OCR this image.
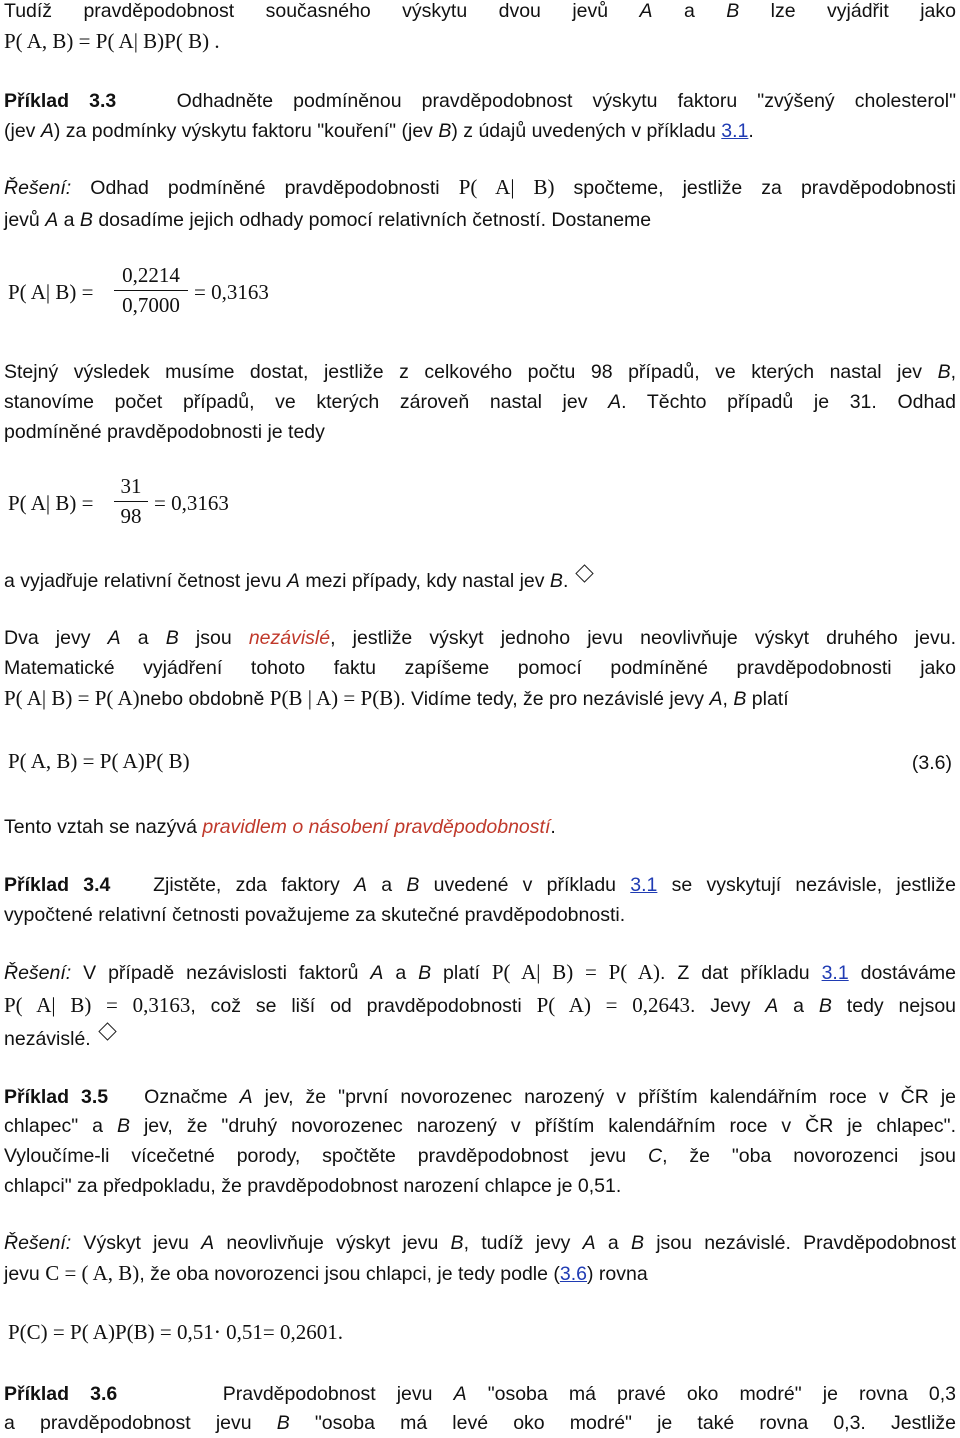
Tudíž pravděpodobnost současného výskytu dvou jevů A a B lze vyjádřit jako
P( A, B) = P( A| B)P( B) .
Příklad 3.3	Odhadněte podmíněnou pravděpodobnost výskytu faktoru "zvýšený cholesterol"
(jev A) za podmínky výskytu faktoru "kouření" (jev B) z údajů uvedených v příkladu 3.1.
Řešení: Odhad podmíněné pravděpodobnosti P( A| B) spočteme, jestliže za pravděpodobnosti
jevů A a B dosadíme jejich odhady pomocí relativních četností. Dostaneme
P( A| B) =
0,2214
0,7000
= 0,3163
Stejný výsledek musíme dostat, jestliže z celkového počtu 98 případů, ve kterých nastal jev B,
stanovíme počet případů, ve kterých zároveň nastal jev A. Těchto případů je 31. Odhad
podmíněné pravděpodobnosti je tedy
P( A| B) =
31
98
= 0,3163
a vyjadřuje relativní četnost jevu A mezi případy, kdy nastal jev B.
Dva jevy A a B jsou nezávislé, jestliže výskyt jednoho jevu neovlivňuje výskyt druhého jevu.
Matematické vyjádření tohoto faktu zapíšeme pomocí podmíněné pravděpodobnosti jako
P( A| B) = P( A)nebo obdobně P(B | A) = P(B). Vidíme tedy, že pro nezávislé jevy A, B platí
P( A, B) = P( A)P( B)	(3.6)
Tento vztah se nazývá pravidlem o násobení pravděpodobností.
Příklad 3.4   Zjistěte, zda faktory A a B uvedené v příkladu 3.1 se vyskytují nezávisle, jestliže
vypočtené relativní četnosti považujeme za skutečné pravděpodobnosti.
Řešení: V případě nezávislosti faktorů A a B platí P( A| B) = P( A). Z dat příkladu 3.1 dostáváme
P( A| B) = 0,3163, což se liší od pravděpodobnosti P( A) = 0,2643. Jevy A a B tedy nejsou
nezávislé.
Příklad 3.5   Označme A jev, že "první novorozenec narozený v příštím kalendářním roce v ČR je
chlapec" a B jev, že "druhý novorozenec narozený v příštím kalendářním roce v ČR je chlapec".
Vyloučíme-li vícečetné porody, spočtěte pravděpodobnost jevu C, že "oba novorozenci jsou
chlapci" za předpokladu, že pravděpodobnost narození chlapce je 0,51.
Řešení: Výskyt jevu A neovlivňuje výskyt jevu B, tudíž jevy A a B jsou nezávislé. Pravděpodobnost
jevu C = ( A, B), že oba novorozenci jsou chlapci, je tedy podle (3.6) rovna
P(C) = P( A)P(B) = 0,51⋅ 0,51= 0,2601.
Příklad 3.6	Pravděpodobnost jevu A "osoba má pravé oko modré" je rovna 0,3
a pravděpodobnost jevu B "osoba má levé oko modré" je také rovna 0,3. Jestliže
